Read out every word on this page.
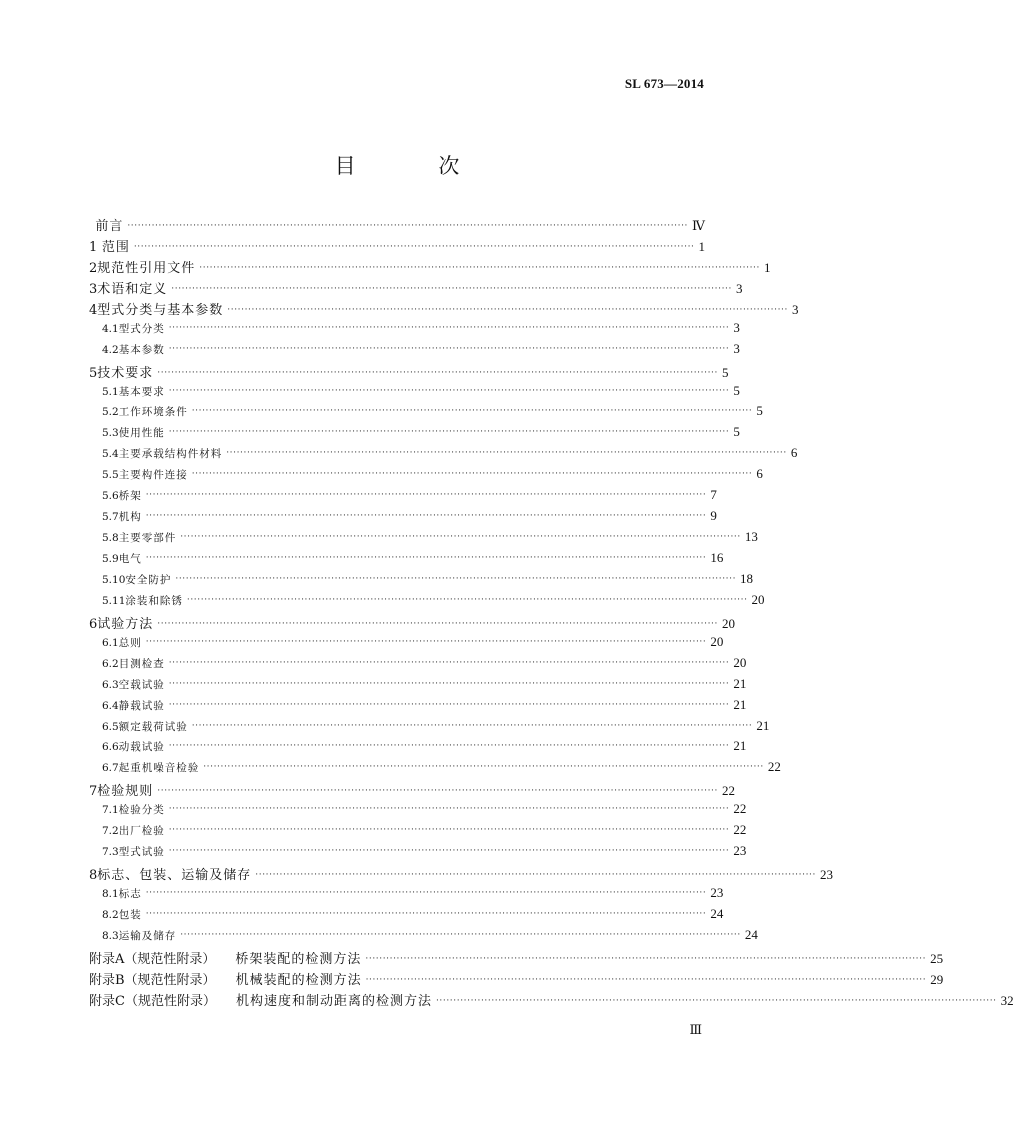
SL 673—2014
目 次
前言 ·································································································································································· Ⅳ
1 范围 ·································································································································································· 1
2 规范性引用文件 ·································································································································································· 1
3 术语和定义 ·································································································································································· 3
4 型式分类与基本参数 ·································································································································································· 3
4.1 型式分类 ·································································································································································· 3
4.2 基本参数 ·································································································································································· 3
5 技术要求 ·································································································································································· 5
5.1 基本要求 ·································································································································································· 5
5.2 工作环境条件 ·································································································································································· 5
5.3 使用性能 ·································································································································································· 5
5.4 主要承载结构件材料 ·································································································································································· 6
5.5 主要构件连接 ·································································································································································· 6
5.6 桥架 ·································································································································································· 7
5.7 机构 ·································································································································································· 9
5.8 主要零部件 ·································································································································································· 13
5.9 电气 ·································································································································································· 16
5.10 安全防护 ·································································································································································· 18
5.11 涂装和除锈 ·································································································································································· 20
6 试验方法 ·································································································································································· 20
6.1 总则 ·································································································································································· 20
6.2 目测检查 ·································································································································································· 20
6.3 空载试验 ·································································································································································· 21
6.4 静载试验 ·································································································································································· 21
6.5 额定载荷试验 ·································································································································································· 21
6.6 动载试验 ·································································································································································· 21
6.7 起重机噪音检验 ·································································································································································· 22
7 检验规则 ·································································································································································· 22
7.1 检验分类 ·································································································································································· 22
7.2 出厂检验 ·································································································································································· 22
7.3 型式试验 ·································································································································································· 23
8 标志、包装、运输及储存 ·································································································································································· 23
8.1 标志 ·································································································································································· 23
8.2 包装 ·································································································································································· 24
8.3 运输及储存 ·································································································································································· 24
附录A（规范性附录） 桥架装配的检测方法 ·································································································································································· 25
附录B（规范性附录） 机械装配的检测方法 ·································································································································································· 29
附录C（规范性附录） 机构速度和制动距离的检测方法 ·································································································································································· 32
Ⅲ
